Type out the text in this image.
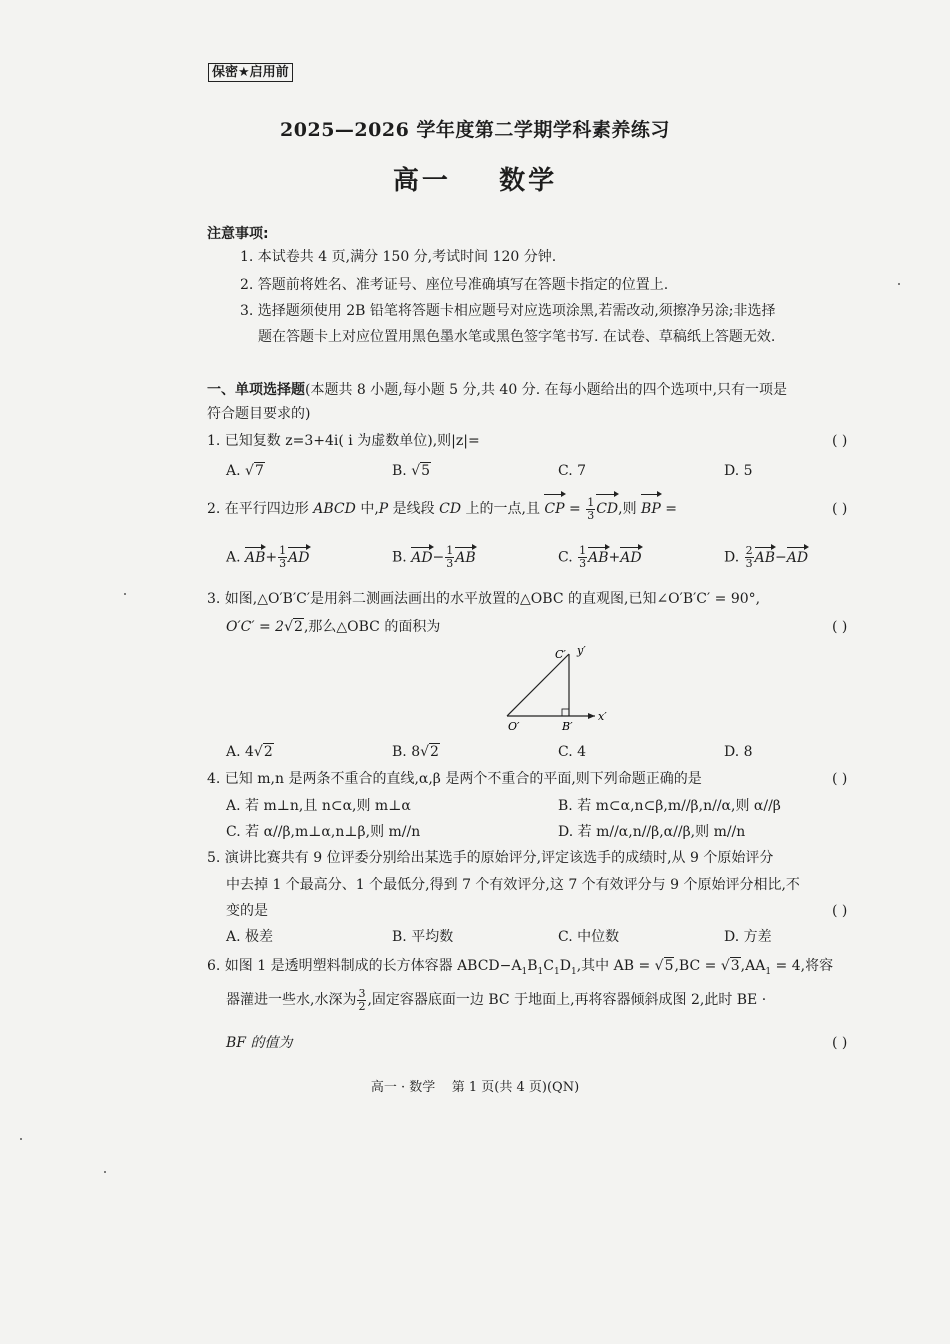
保密★启用前
2025—2026 学年度第二学期学科素养练习
高一    数学
注意事项:
1. 本试卷共 4 页,满分 150 分,考试时间 120 分钟.
2. 答题前将姓名、准考证号、座位号准确填写在答题卡指定的位置上.
3. 选择题须使用 2B 铅笔将答题卡相应题号对应选项涂黑,若需改动,须擦净另涂;非选择
题在答题卡上对应位置用黑色墨水笔或黑色签字笔书写. 在试卷、草稿纸上答题无效.
一、单项选择题(本题共 8 小题,每小题 5 分,共 40 分. 在每小题给出的四个选项中,只有一项是
符合题目要求的)
1. 已知复数 z=3+4i( i 为虚数单位),则|z|=	( )
A. √7	B. √5	C. 7	D. 5
2. 在平行四边形 ABCD 中,P 是线段 CD 上的一点,且 CP = $\frac{1}{3}$ CD,则 BP =	( )
A. $AB+ \frac{1}{3}$ AD	B. $AD- \frac{1}{3}$ AB	C. $\frac{1}{3} AB+AD$	D. $\frac{2}{3} AB-AD$
3. 如图,△O′B′C′是用斜二测画法画出的水平放置的△OBC 的直观图,已知∠O′B′C′ = 90°,
O′C′ = 2√2,那么△OBC 的面积为	( )
C′ y′
O′	B′
x′
A. 4√2	B. 8√2	C. 4	D. 8
4. 已知 m,n 是两条不重合的直线,α,β 是两个不重合的平面,则下列命题正确的是	( )
A. 若 m⊥n,且 n⊂α,则 m⊥α	B. 若 m⊂α,n⊂β,m//β,n//α,则 α//β
C. 若 α//β,m⊥α,n⊥β,则 m//n	D. 若 m//α,n//β,α//β,则 m//n
5. 演讲比赛共有 9 位评委分别给出某选手的原始评分,评定该选手的成绩时,从 9 个原始评分
中去掉 1 个最高分、1 个最低分,得到 7 个有效评分,这 7 个有效评分与 9 个原始评分相比,不
变的是	( )
A. 极差	B. 平均数	C. 中位数	D. 方差
6. 如图 1 是透明塑料制成的长方体容器 $ABCD-A_1B_1C_1D_1$,其中 AB = $√5,BC = √3,AA_1 = 4$,将容
器灌进一些水,水深为 $\frac{3}{2}$ ,固定容器底面一边 BC 于地面上,再将容器倾斜成图 2,此时 BE ·
BF 的值为	( )
高一 · 数学    第 1 页(共 4 页)(QN)
